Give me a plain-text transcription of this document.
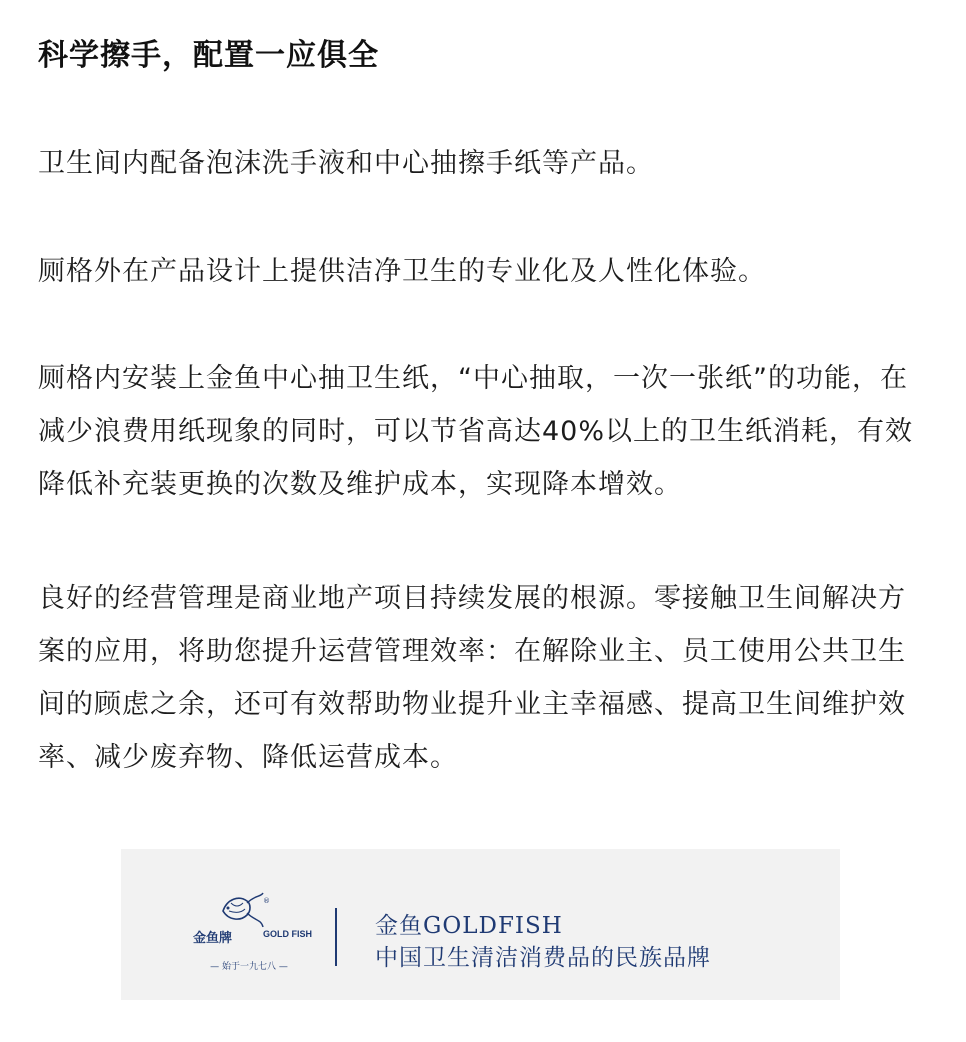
科学擦手，配置一应俱全

卫生间内配备泡沫洗手液和中心抽擦手纸等产品。

厕格外在产品设计上提供洁净卫生的专业化及人性化体验。

厕格内安装上金鱼中心抽卫生纸，“中心抽取，一次一张纸”的功能，在减少浪费用纸现象的同时，可以节省高达40%以上的卫生纸消耗，有效降低补充装更换的次数及维护成本，实现降本增效。

良好的经营管理是商业地产项目持续发展的根源。零接触卫生间解决方案的应用，将助您提升运营管理效率：在解除业主、员工使用公共卫生间的顾虑之余，还可有效帮助物业提升业主幸福感、提高卫生间维护效率、减少废弃物、降低运营成本。

®
金鱼牌	GOLD FISH
— 始于一九七八 —
金鱼GOLDFISH
中国卫生清洁消费品的民族品牌
